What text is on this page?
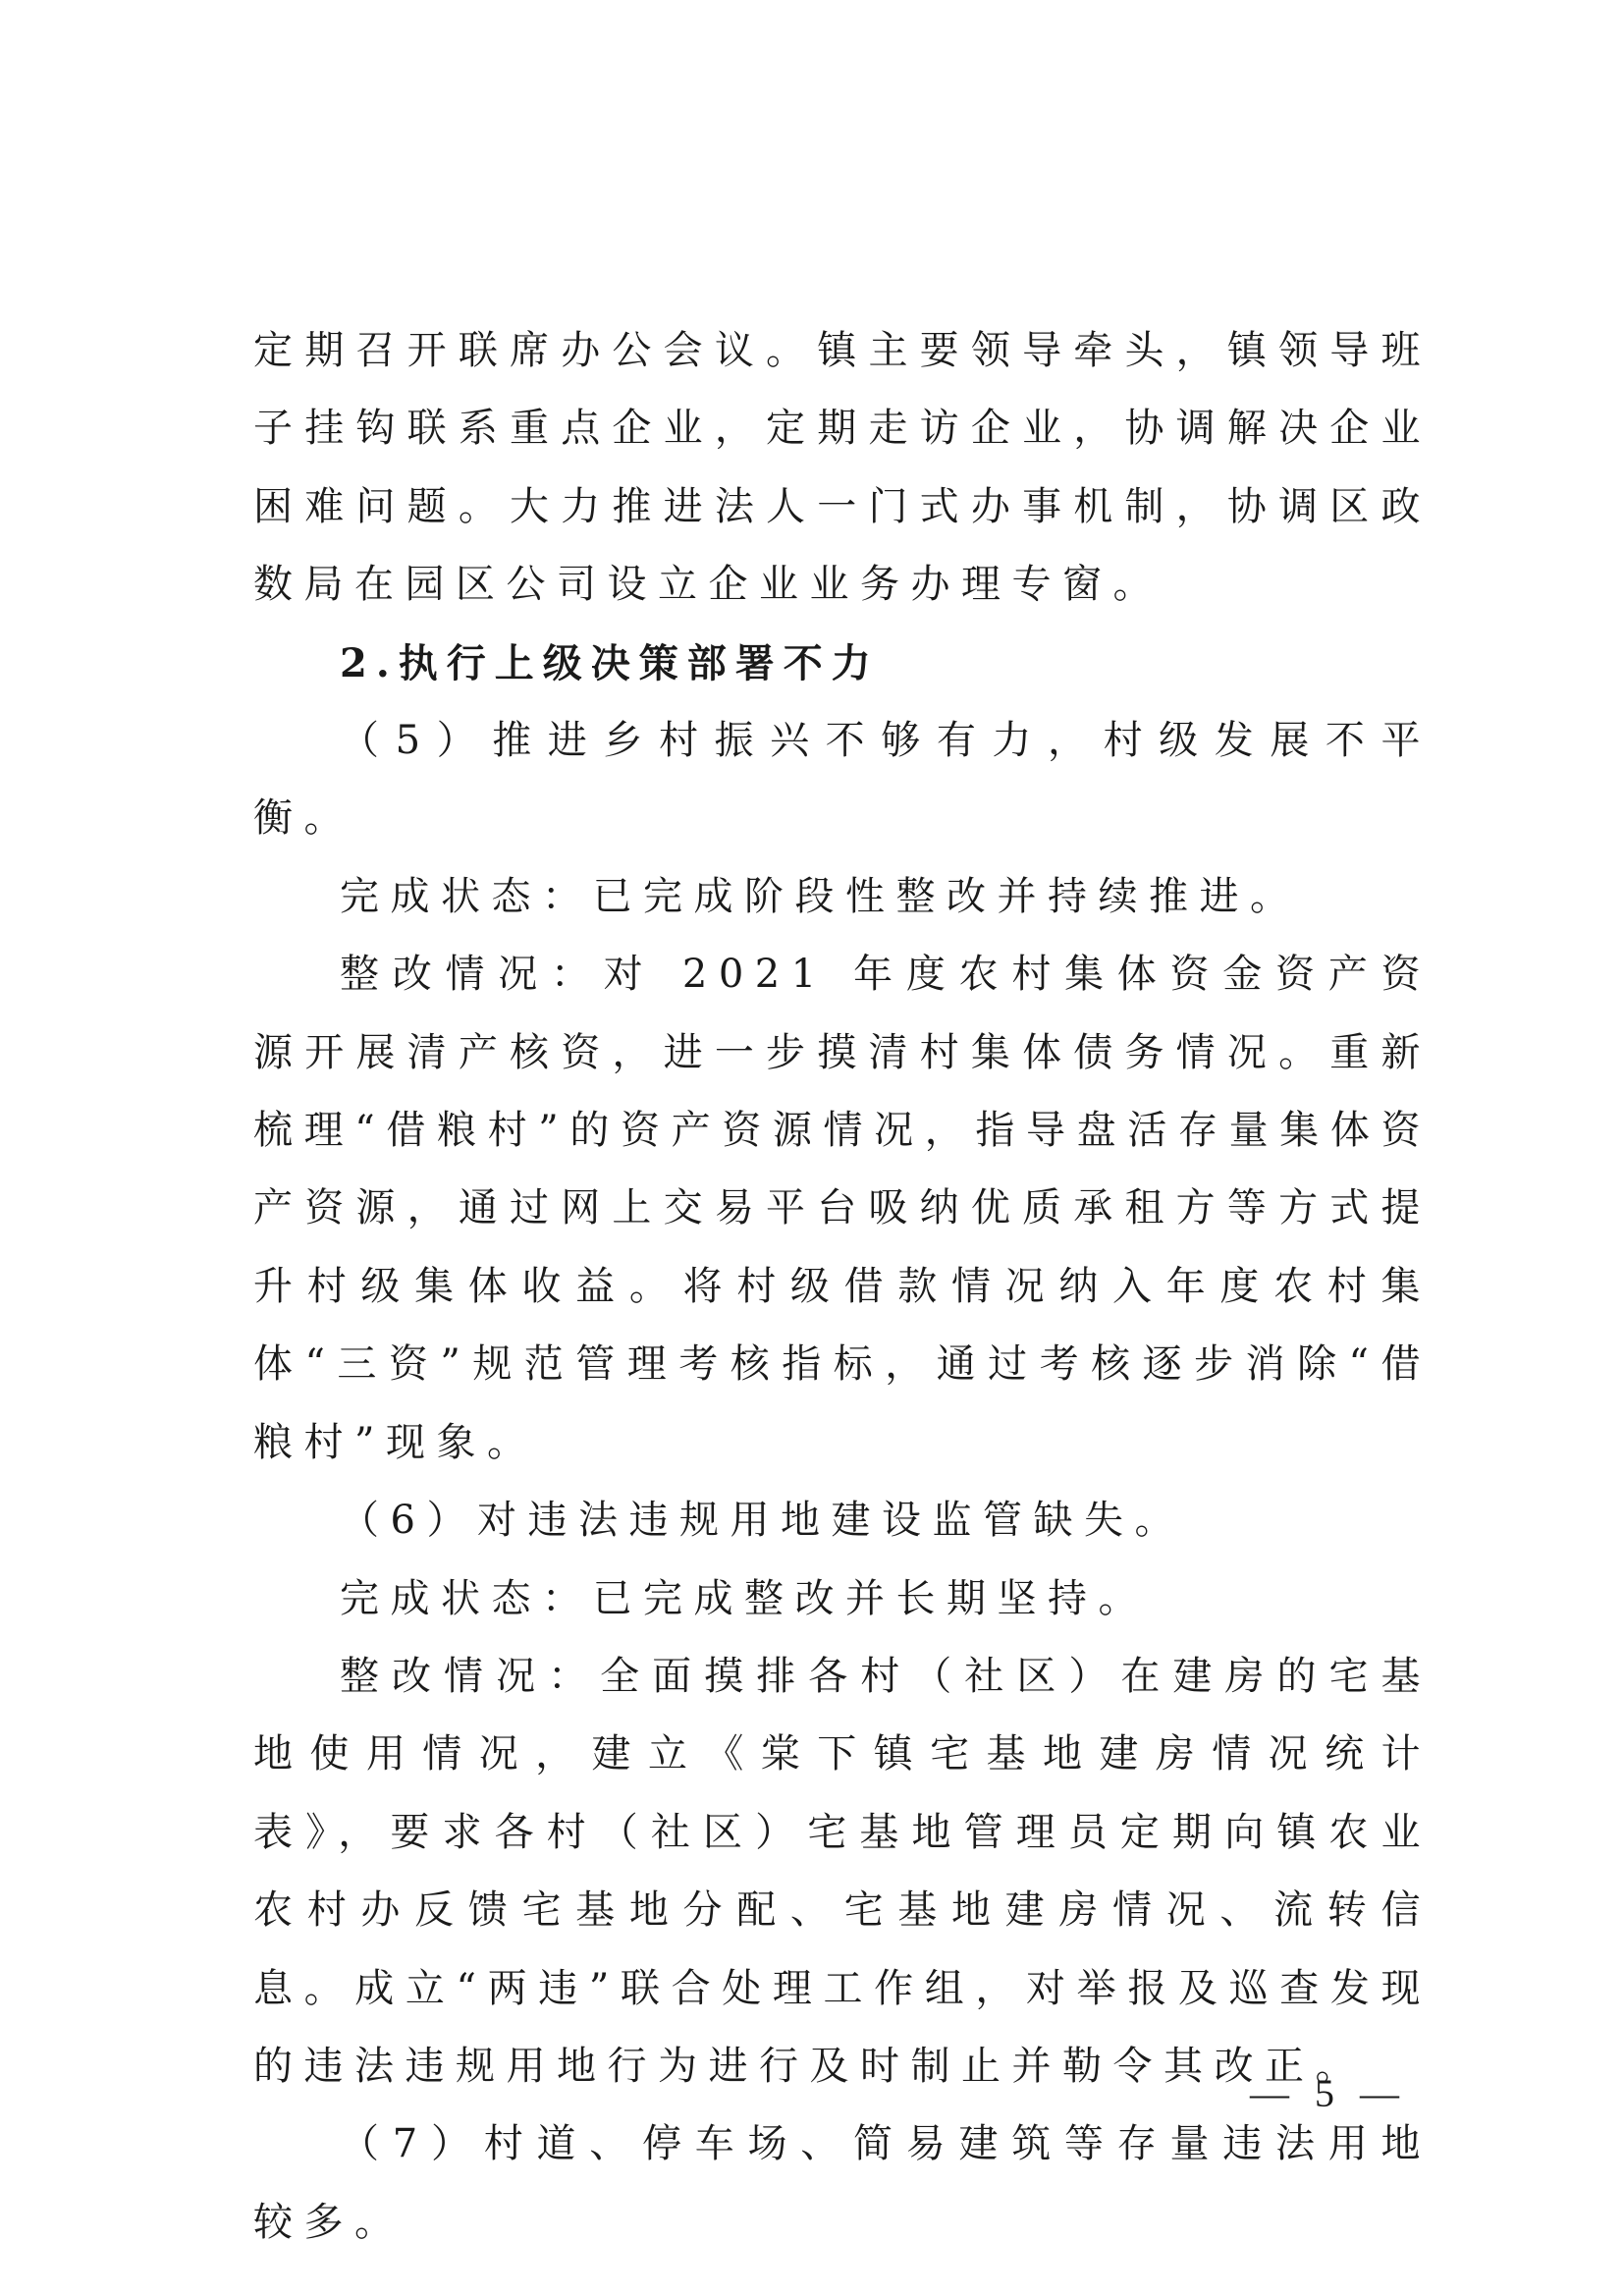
定期召开联席办公会议。镇主要领导牵头，镇领导班子挂钩联系重点企业，定期走访企业，协调解决企业困难问题。大力推进法人一门式办事机制，协调区政数局在园区公司设立企业业务办理专窗。

2.执行上级决策部署不力

（5）推进乡村振兴不够有力，村级发展不平衡。

完成状态：已完成阶段性整改并持续推进。

整改情况：对 2021 年度农村集体资金资产资源开展清产核资，进一步摸清村集体债务情况。重新梳理“借粮村”的资产资源情况，指导盘活存量集体资产资源，通过网上交易平台吸纳优质承租方等方式提升村级集体收益。将村级借款情况纳入年度农村集体“三资”规范管理考核指标，通过考核逐步消除“借粮村”现象。

（6）对违法违规用地建设监管缺失。

完成状态：已完成整改并长期坚持。

整改情况：全面摸排各村（社区）在建房的宅基地使用情况，建立《棠下镇宅基地建房情况统计表》，要求各村（社区）宅基地管理员定期向镇农业农村办反馈宅基地分配、宅基地建房情况、流转信息。成立“两违”联合处理工作组，对举报及巡查发现的违法违规用地行为进行及时制止并勒令其改正。

（7）村道、停车场、简易建筑等存量违法用地较多。

— 5 —
